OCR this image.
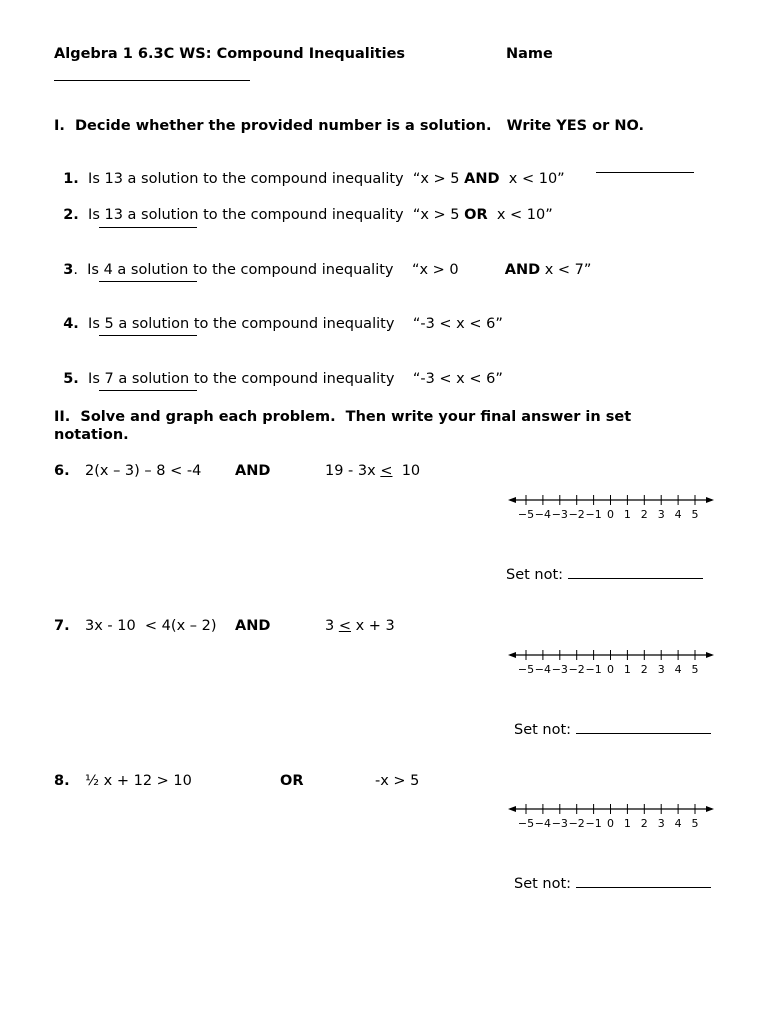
Algebra 1 6.3C WS: Compound Inequalities	Name
I.  Decide whether the provided number is a solution.   Write YES or NO.

1. Is 13 a solution to the compound inequality “x > 5 AND x < 10”

2. Is 13 a solution to the compound inequality “x > 5 OR x < 10”

3.  Is 4 a solution to the compound inequality “x > 0	AND x < 7”

4. Is 5 a solution to the compound inequality “-3 < x < 6”

5. Is 7 a solution to the compound inequality “-3 < x < 6”

II.  Solve and graph each problem.  Then write your final answer in set
notation.
6. 2(x – 3) – 8 < -4 AND	19 - 3x ≤  10
−5 −4 −3 −2 −1 0 1 2 3 4 5
Set not:
7. 3x - 10  < 4(x – 2) AND	3 ≤ x + 3
−5 −4 −3 −2 −1 0 1 2 3 4 5
Set not:
8. ½ x + 12 > 10	OR	-x > 5
−5 −4 −3 −2 −1 0 1 2 3 4 5
Set not:
